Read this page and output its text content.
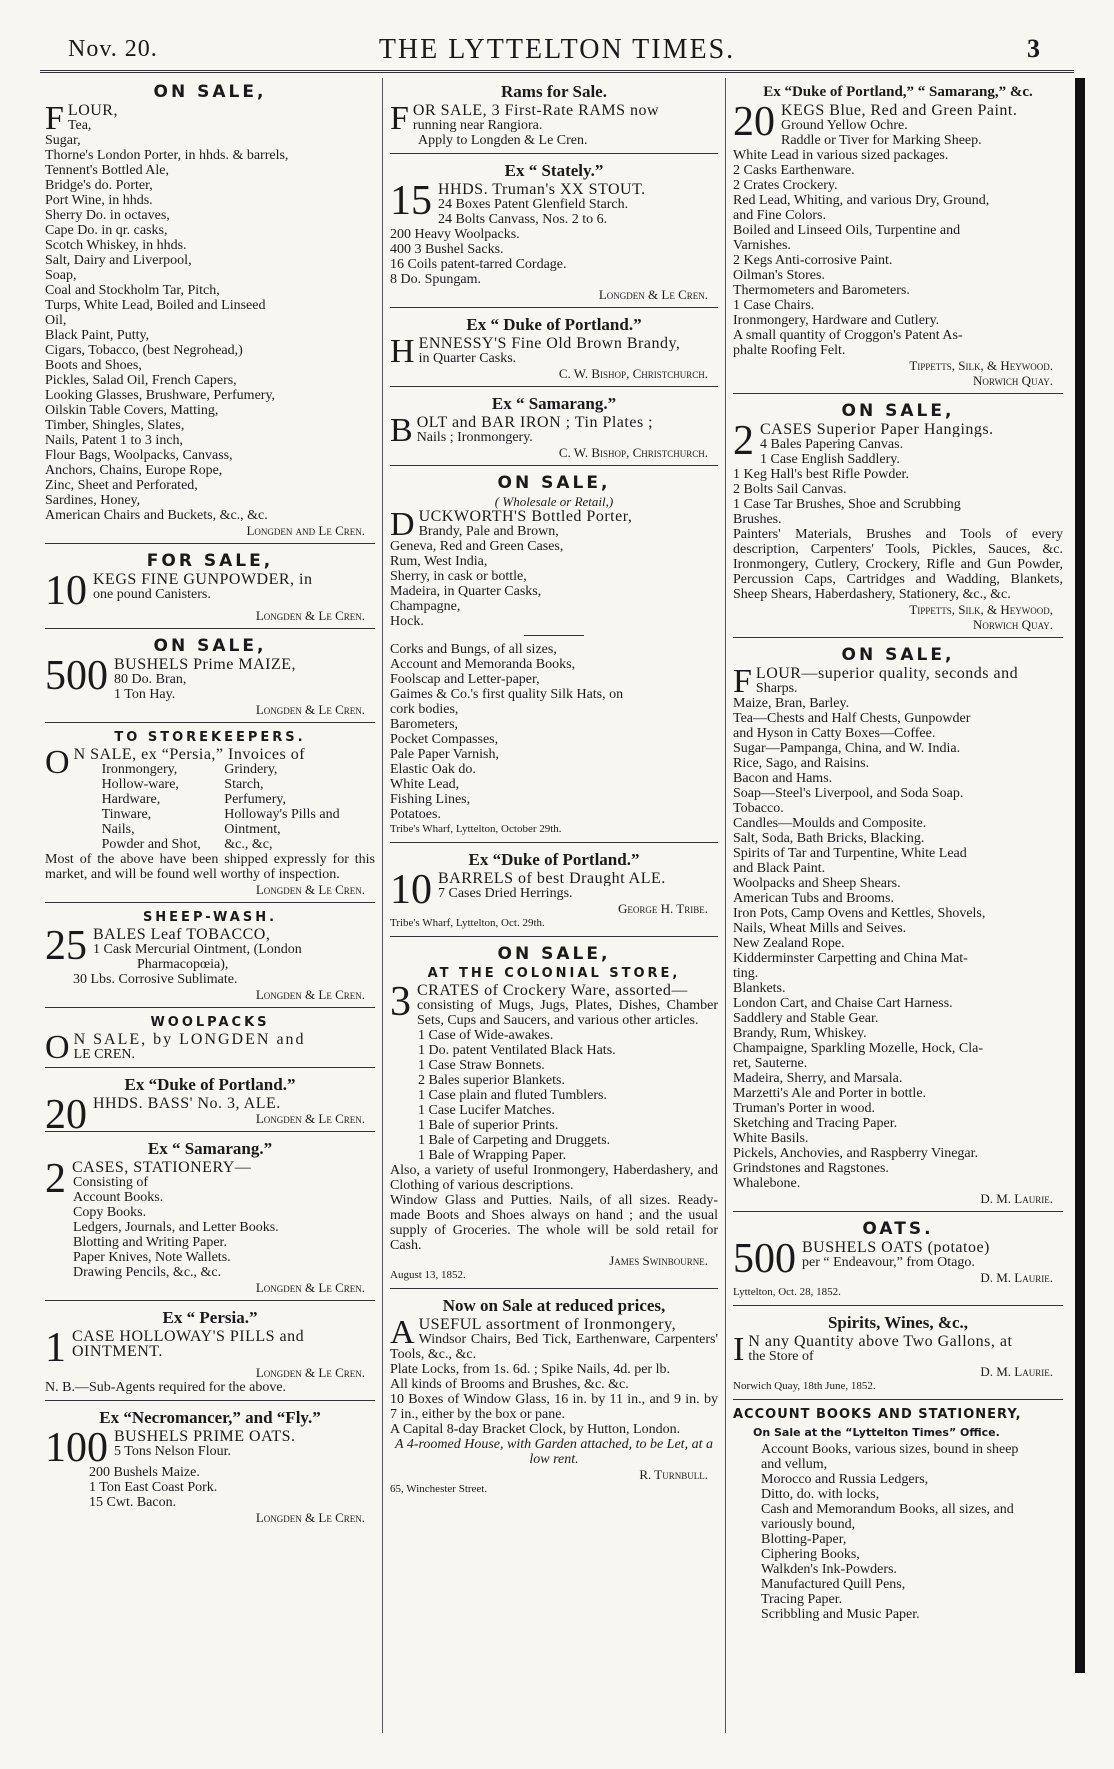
Nov. 20.	THE LYTTELTON TIMES.	3
ON SALE,
F LOUR,
Tea,
Sugar,
Thorne's London Porter, in hhds. & barrels,
Tennent's Bottled Ale,
Bridge's do. Porter,
Port Wine, in hhds.
Sherry Do. in octaves,
Cape Do. in qr. casks,
Scotch Whiskey, in hhds.
Salt, Dairy and Liverpool,
Soap,
Coal and Stockholm Tar, Pitch,
Turps, White Lead, Boiled and Linseed
Oil,
Black Paint, Putty,
Cigars, Tobacco, (best Negrohead,)
Boots and Shoes,
Pickles, Salad Oil, French Capers,
Looking Glasses, Brushware, Perfumery,
Oilskin Table Covers, Matting,
Timber, Shingles, Slates,
Nails, Patent 1 to 3 inch,
Flour Bags, Woolpacks, Canvass,
Anchors, Chains, Europe Rope,
Zinc, Sheet and Perforated,
Sardines, Honey,
American Chairs and Buckets, &c., &c.
Longden and Le Cren.
FOR SALE,
10 KEGS FINE GUNPOWDER, in
one pound Canisters.
Longden & Le Cren.
ON SALE,
500 BUSHELS Prime MAIZE,
80 Do. Bran,
1 Ton Hay.
Longden & Le Cren.
TO STOREKEEPERS.
O N SALE, ex “Persia,” Invoices of
Ironmongery,
Hollow-ware,
Hardware,
Tinware,
Nails,
Powder and Shot,
Grindery,
Starch,
Perfumery,
Holloway's Pills and
Ointment,
&c., &c,
Most of the above have been shipped expressly for this market, and will be found well worthy of inspection.
Longden & Le Cren.
SHEEP-WASH.
25 BALES Leaf TOBACCO,
1 Cask Mercurial Ointment, (London
Pharmacopœia),
30 Lbs. Corrosive Sublimate.
Longden & Le Cren.
WOOLPACKS
O N SALE, by LONGDEN and
LE CREN.
Ex “Duke of Portland.”
20 HHDS. BASS' No. 3, ALE.
Longden & Le Cren.
Ex “ Samarang.”
2 CASES, STATIONERY—
Consisting of
Account Books.
Copy Books.
Ledgers, Journals, and Letter Books.
Blotting and Writing Paper.
Paper Knives, Note Wallets.
Drawing Pencils, &c., &c.
Longden & Le Cren.
Ex “ Persia.”
1 CASE HOLLOWAY'S PILLS and
OINTMENT.
Longden & Le Cren.
N. B.—Sub-Agents required for the above.
Ex “Necromancer,” and “Fly.”
100 BUSHELS PRIME OATS.
5 Tons Nelson Flour.
200 Bushels Maize.
1 Ton East Coast Pork.
15 Cwt. Bacon.
Longden & Le Cren.
Rams for Sale.
F OR SALE, 3 First-Rate RAMS now
running near Rangiora.
Apply to Longden & Le Cren.
Ex “ Stately.”
15 HHDS. Truman's XX STOUT.
24 Boxes Patent Glenfield Starch.
24 Bolts Canvass, Nos. 2 to 6.
200 Heavy Woolpacks.
400 3 Bushel Sacks.
16 Coils patent-tarred Cordage.
8 Do. Spungam.
Longden & Le Cren.
Ex “ Duke of Portland.”
H ENNESSY'S Fine Old Brown Brandy,
in Quarter Casks.
C. W. Bishop, Christchurch.
Ex “ Samarang.”
B OLT and BAR IRON ; Tin Plates ;
Nails ; Ironmongery.
C. W. Bishop, Christchurch.
ON SALE,
( Wholesale or Retail,)
D UCKWORTH'S Bottled Porter,
Brandy, Pale and Brown,
Geneva, Red and Green Cases,
Rum, West India,
Sherry, in cask or bottle,
Madeira, in Quarter Casks,
Champagne,
Hock.
Corks and Bungs, of all sizes,
Account and Memoranda Books,
Foolscap and Letter-paper,
Gaimes & Co.'s first quality Silk Hats, on
cork bodies,
Barometers,
Pocket Compasses,
Pale Paper Varnish,
Elastic Oak do.
White Lead,
Fishing Lines,
Potatoes.
Tribe's Wharf, Lyttelton, October 29th.
Ex “Duke of Portland.”
10 BARRELS of best Draught ALE.
7 Cases Dried Herrings.
George H. Tribe.
Tribe's Wharf, Lyttelton, Oct. 29th.
ON SALE,
AT THE COLONIAL STORE,
3 CRATES of Crockery Ware, assorted—
consisting of Mugs, Jugs, Plates, Dishes, Chamber Sets, Cups and Saucers, and various other articles.
1 Case of Wide-awakes.
1 Do. patent Ventilated Black Hats.
1 Case Straw Bonnets.
2 Bales superior Blankets.
1 Case plain and fluted Tumblers.
1 Case Lucifer Matches.
1 Bale of superior Prints.
1 Bale of Carpeting and Druggets.
1 Bale of Wrapping Paper.
Also, a variety of useful Ironmongery, Haberdashery, and Clothing of various descriptions.
Window Glass and Putties. Nails, of all sizes. Ready-made Boots and Shoes always on hand ; and the usual supply of Groceries. The whole will be sold retail for Cash.
James Swinbourne.
August 13, 1852.
Now on Sale at reduced prices,
A USEFUL assortment of Ironmongery,
Windsor Chairs, Bed Tick, Earthenware, Carpenters' Tools, &c., &c.
Plate Locks, from 1s. 6d. ; Spike Nails, 4d. per lb.
All kinds of Brooms and Brushes, &c. &c.
10 Boxes of Window Glass, 16 in. by 11 in., and 9 in. by 7 in., either by the box or pane.
A Capital 8-day Bracket Clock, by Hutton, London.
A 4-roomed House, with Garden attached, to be Let, at a low rent.
R. Turnbull.
65, Winchester Street.
Ex “Duke of Portland,” “ Samarang,” &c.
20 KEGS Blue, Red and Green Paint.
Ground Yellow Ochre.
Raddle or Tiver for Marking Sheep.
White Lead in various sized packages.
2 Casks Earthenware.
2 Crates Crockery.
Red Lead, Whiting, and various Dry, Ground,
and Fine Colors.
Boiled and Linseed Oils, Turpentine and
Varnishes.
2 Kegs Anti-corrosive Paint.
Oilman's Stores.
Thermometers and Barometers.
1 Case Chairs.
Ironmongery, Hardware and Cutlery.
A small quantity of Croggon's Patent As-
phalte Roofing Felt.
Tippetts, Silk, & Heywood.
Norwich Quay.
ON SALE,
2 CASES Superior Paper Hangings.
4 Bales Papering Canvas.
1 Case English Saddlery.
1 Keg Hall's best Rifle Powder.
2 Bolts Sail Canvas.
1 Case Tar Brushes, Shoe and Scrubbing
Brushes.
Painters' Materials, Brushes and Tools of every description, Carpenters' Tools, Pickles, Sauces, &c. Ironmongery, Cutlery, Crockery, Rifle and Gun Powder, Percussion Caps, Cartridges and Wadding, Blankets, Sheep Shears, Haberdashery, Stationery, &c., &c.
Tippetts, Silk, & Heywood,
Norwich Quay.
ON SALE,
F LOUR—superior quality, seconds and
Sharps.
Maize, Bran, Barley.
Tea—Chests and Half Chests, Gunpowder
and Hyson in Catty Boxes—Coffee.
Sugar—Pampanga, China, and W. India.
Rice, Sago, and Raisins.
Bacon and Hams.
Soap—Steel's Liverpool, and Soda Soap.
Tobacco.
Candles—Moulds and Composite.
Salt, Soda, Bath Bricks, Blacking.
Spirits of Tar and Turpentine, White Lead
and Black Paint.
Woolpacks and Sheep Shears.
American Tubs and Brooms.
Iron Pots, Camp Ovens and Kettles, Shovels,
Nails, Wheat Mills and Seives.
New Zealand Rope.
Kidderminster Carpetting and China Mat-
ting.
Blankets.
London Cart, and Chaise Cart Harness.
Saddlery and Stable Gear.
Brandy, Rum, Whiskey.
Champaigne, Sparkling Mozelle, Hock, Cla-
ret, Sauterne.
Madeira, Sherry, and Marsala.
Marzetti's Ale and Porter in bottle.
Truman's Porter in wood.
Sketching and Tracing Paper.
White Basils.
Pickels, Anchovies, and Raspberry Vinegar.
Grindstones and Ragstones.
Whalebone.
D. M. Laurie.
OATS.
500 BUSHELS OATS (potatoe)
per “ Endeavour,” from Otago.
D. M. Laurie.
Lyttelton, Oct. 28, 1852.
Spirits, Wines, &c.,
I N any Quantity above Two Gallons, at
the Store of
D. M. Laurie.
Norwich Quay, 18th June, 1852.
ACCOUNT BOOKS AND STATIONERY,
On Sale at the “Lyttelton Times” Office.
Account Books, various sizes, bound in sheep
and vellum,
Morocco and Russia Ledgers,
Ditto, do. with locks,
Cash and Memorandum Books, all sizes, and
variously bound,
Blotting-Paper,
Ciphering Books,
Walkden's Ink-Powders.
Manufactured Quill Pens,
Tracing Paper.
Scribbling and Music Paper.
